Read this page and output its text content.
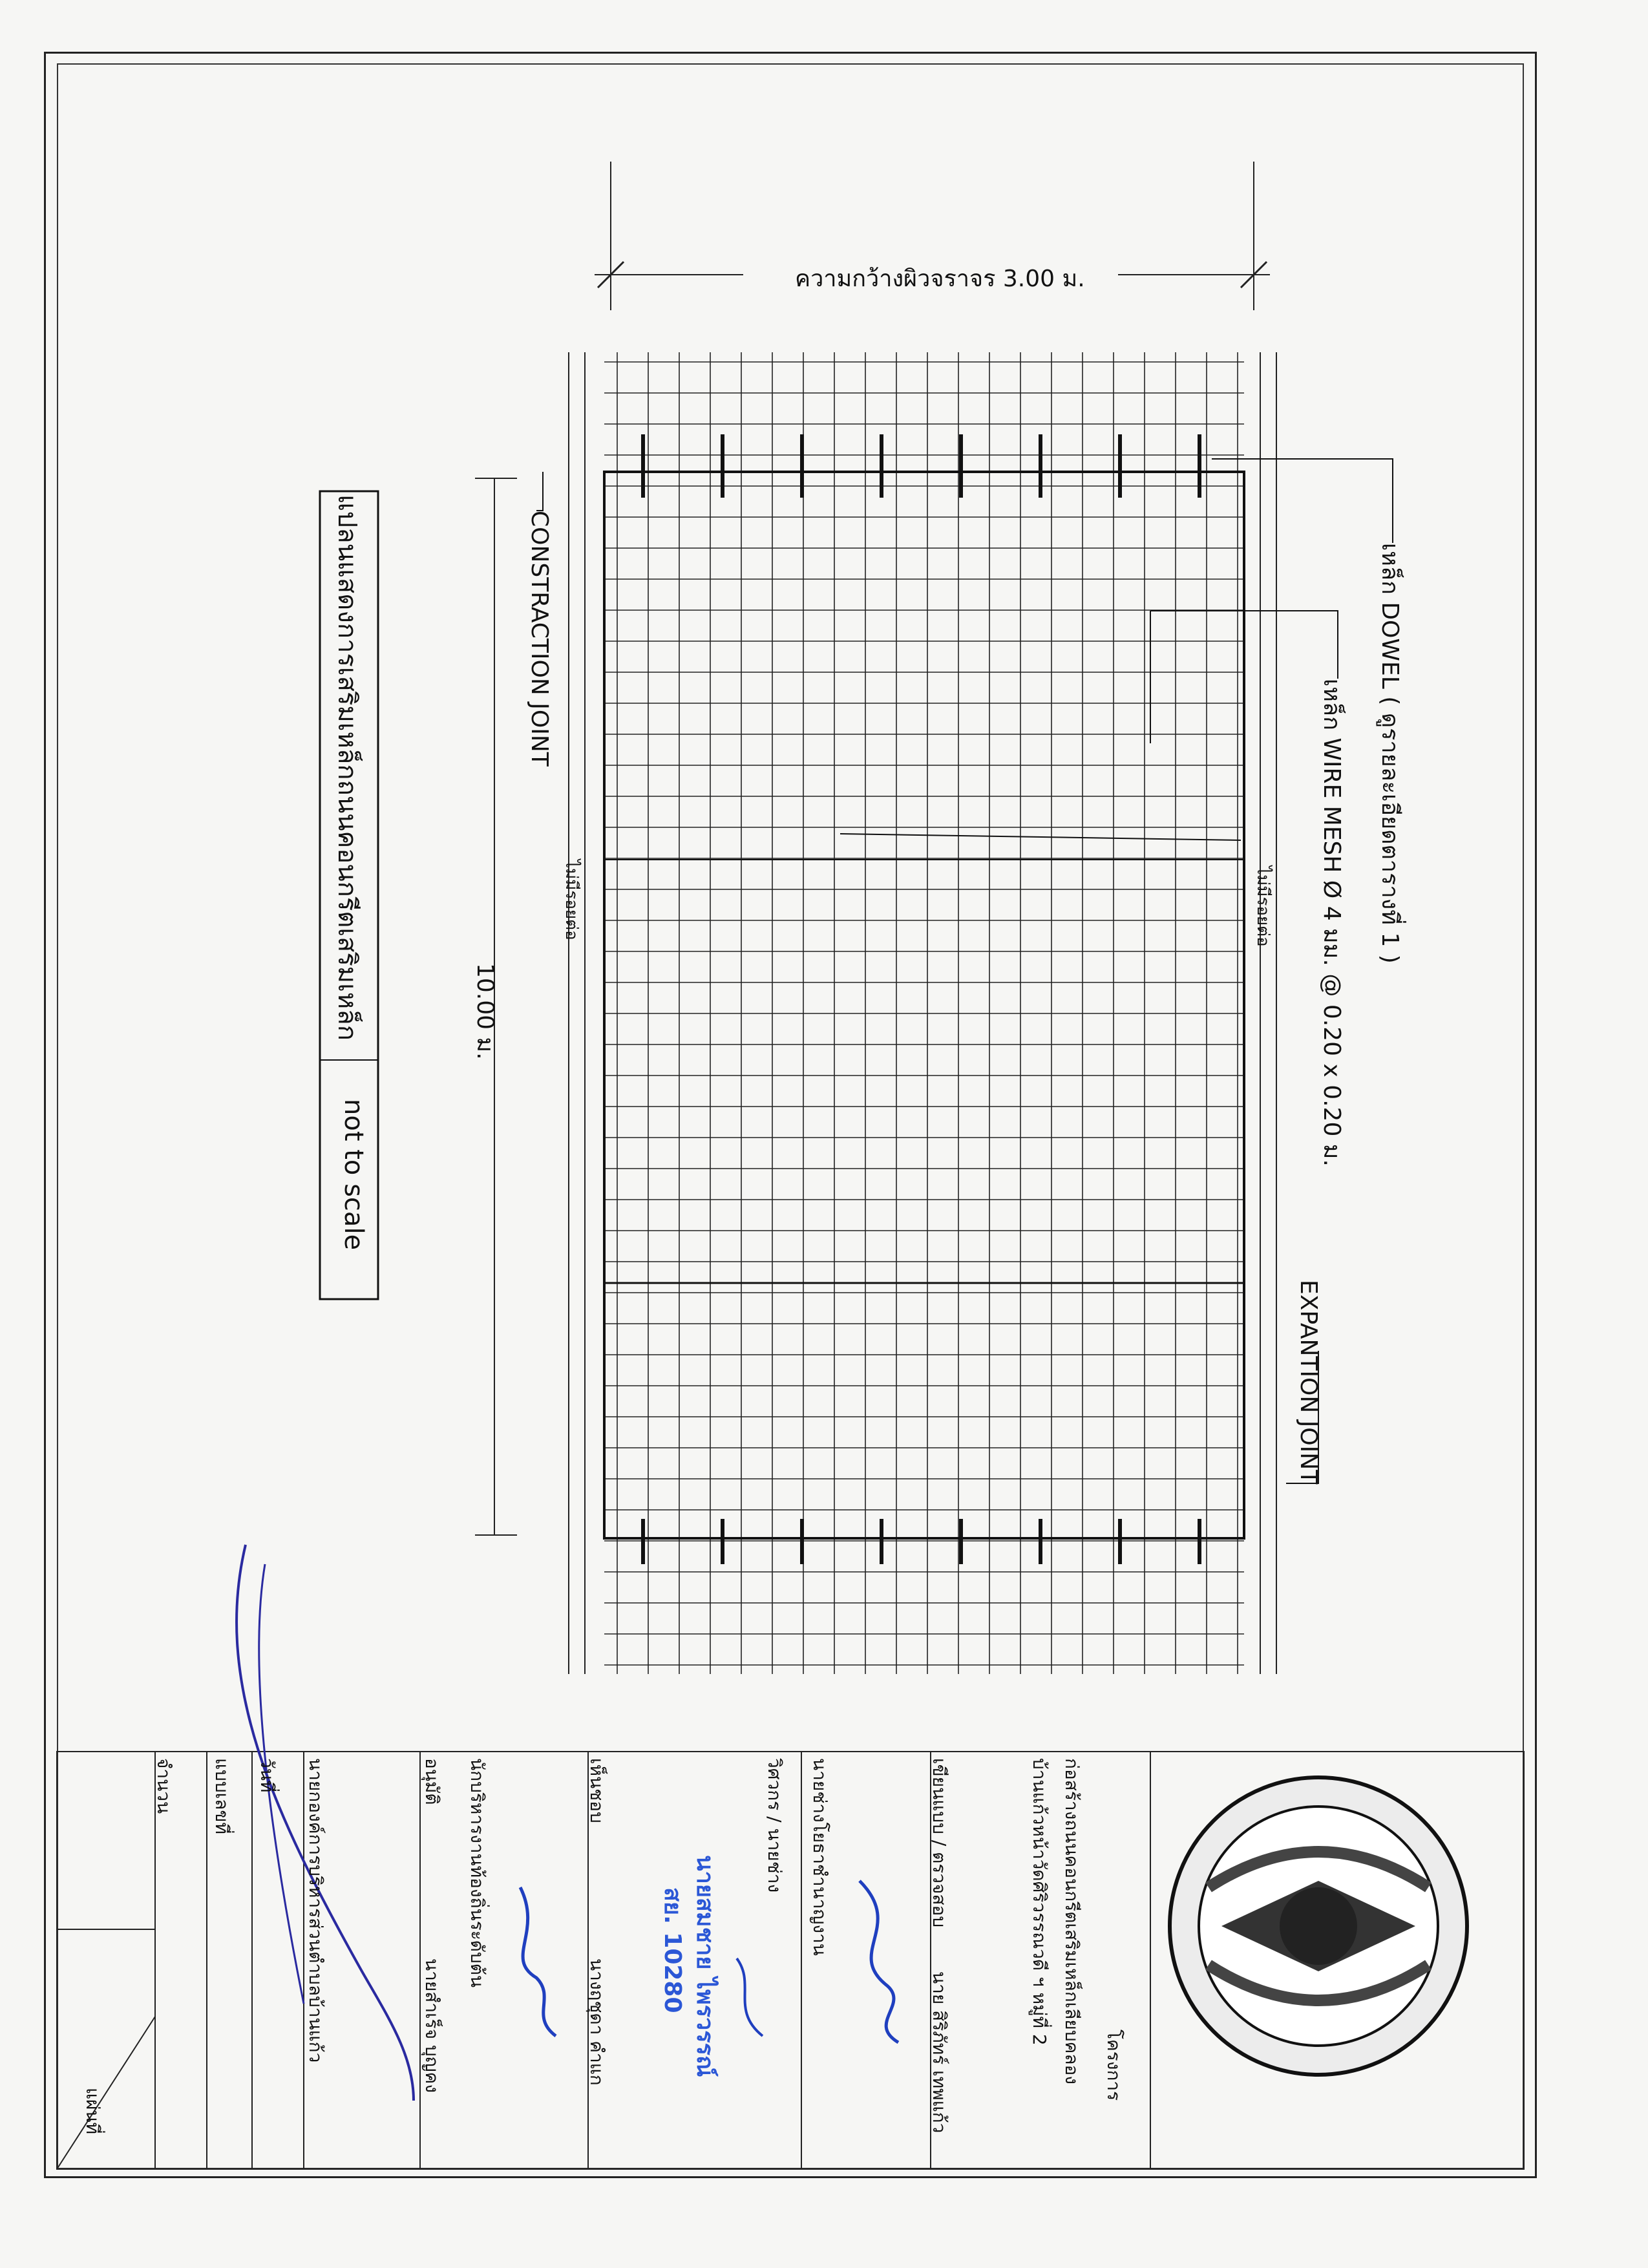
ความกว้างผิวจราจร 3.00 ม.
เหล็ก DOWEL ( ดูรายละเอียดตารางที่ 1 )
เหล็ก WIRE MESH Ø 4 มม. @ 0.20 x 0.20 ม.
EXPANTION JOINT
CONSTRACTION JOINT
ไม่มีรอยต่อ
ไม่มีรอยต่อ
10.00 ม.
แปลนแสดงการเสริมเหล็กถนนคอนกรีตเสริมเหล็ก
not to scale
โครงการ
ก่อสร้างถนนคอนกรีตเสริมเหล็กเลียบคลอง
บ้านแก้วหน้าวัดศิริวรรณวดี ฯ หมู่ที่ 2
เขียนแบบ / ตรวจสอบ
นาย สิริภัทร์ เทพแก้ว
นายช่างโยธาชำนาญงาน
วิศวกร / นายช่าง
นายสมชาย ไพรวรรณ์
สย. 10280
เห็นชอบ
นางฤชุดา คำแก
นักบริหารงานท้องถิ่นระดับต้น
อนุมัติ
นายสำเร็จ บุญคง
นายกองค์การบริหารส่วนตำบลบ้านแก้ว
วันที่
แบบเลขที่
จำนวน
แผ่นที่
